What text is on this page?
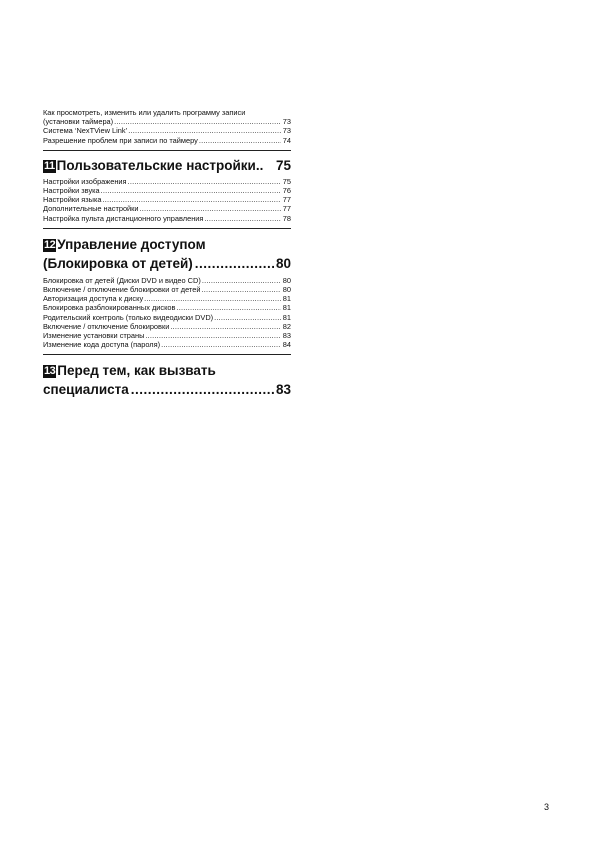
Как просмотреть, изменить или удалить программу записи
(установки таймера) .....	73
Система ‘NexTView Link’ .....	73
Разрешение проблем при записи по таймеру .....	74
11 Пользовательские настройки.. 75
Настройки изображения .....	75
Настройки звука .....	76
Настройки языка .....	77
Дополнительные настройки .....	77
Настройка пульта дистанционного управления .....	78
12 Управление доступом
(Блокировка от детей) .....	80
Блокировка от детей (Диски DVD и видео CD) .....	80
Включение / отключение блокировки от детей .....	80
Авторизация доступа к диску .....	81
Блокировка разблокированных дисков .....	81
Родительский контроль (только видеодиски DVD) .....	81
Включение / отключение блокировки .....	82
Изменение установки страны .....	83
Изменение кода доступа (пароля) .....	84
13 Перед тем, как вызвать
специалиста .....	83
3
